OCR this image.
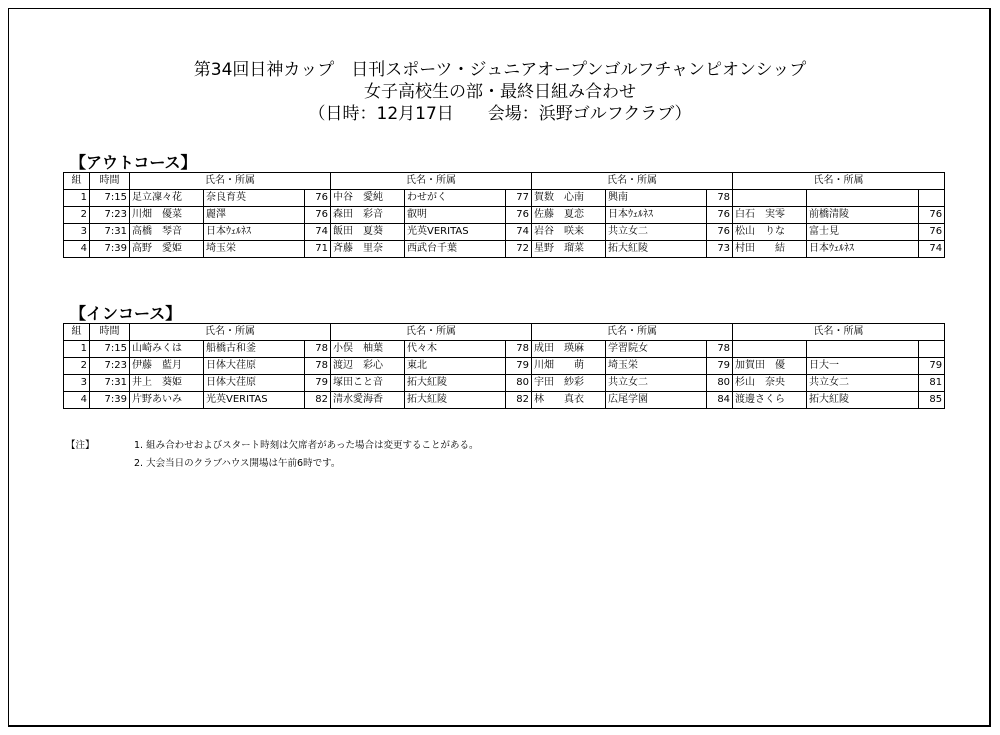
第34回日神カップ　日刊スポーツ・ジュニアオープンゴルフチャンピオンシップ
女子高校生の部・最終日組み合わせ
（日時：12月17日　　会場：浜野ゴルフクラブ）
【アウトコース】
組	時間	氏名・所属			氏名・所属			氏名・所属			氏名・所属		
1	7:15	足立凜々花	奈良育英	76	中谷　愛純	わせがく	77	賀数　心南	興南	78			
2	7:23	川畑　優菜	麗澤	76	森田　彩音	叡明	76	佐藤　夏恋	日本ｳｪﾙﾈｽ	76	白石　実零	前橋清陵	76
3	7:31	高橋　琴音	日本ｳｪﾙﾈｽ	74	飯田　夏葵	光英VERITAS	74	岩谷　咲来	共立女二	76	松山　りな	富士見	76
4	7:39	高野　愛姫	埼玉栄	71	斉藤　里奈	西武台千葉	72	星野　瑠菜	拓大紅陵	73	村田　　結	日本ｳｪﾙﾈｽ	74
【インコース】
組	時間	氏名・所属			氏名・所属			氏名・所属			氏名・所属		
1	7:15	山崎みくは	船橋古和釜	78	小俣　柚葉	代々木	78	成田　瑛麻	学習院女	78			
2	7:23	伊藤　藍月	日体大荏原	78	渡辺　彩心	東北	79	川畑　　萌	埼玉栄	79	加賀田　優	日大一	79
3	7:31	井上　葵姫	日体大荏原	79	塚田こと音	拓大紅陵	80	宇田　紗彩	共立女二	80	杉山　奈央	共立女二	81
4	7:39	片野あいみ	光英VERITAS	82	清水愛海香	拓大紅陵	82	林　　真衣	広尾学園	84	渡邊さくら	拓大紅陵	85
【注】	1. 組み合わせおよびスタート時刻は欠席者があった場合は変更することがある。
2. 大会当日のクラブハウス開場は午前6時です。
